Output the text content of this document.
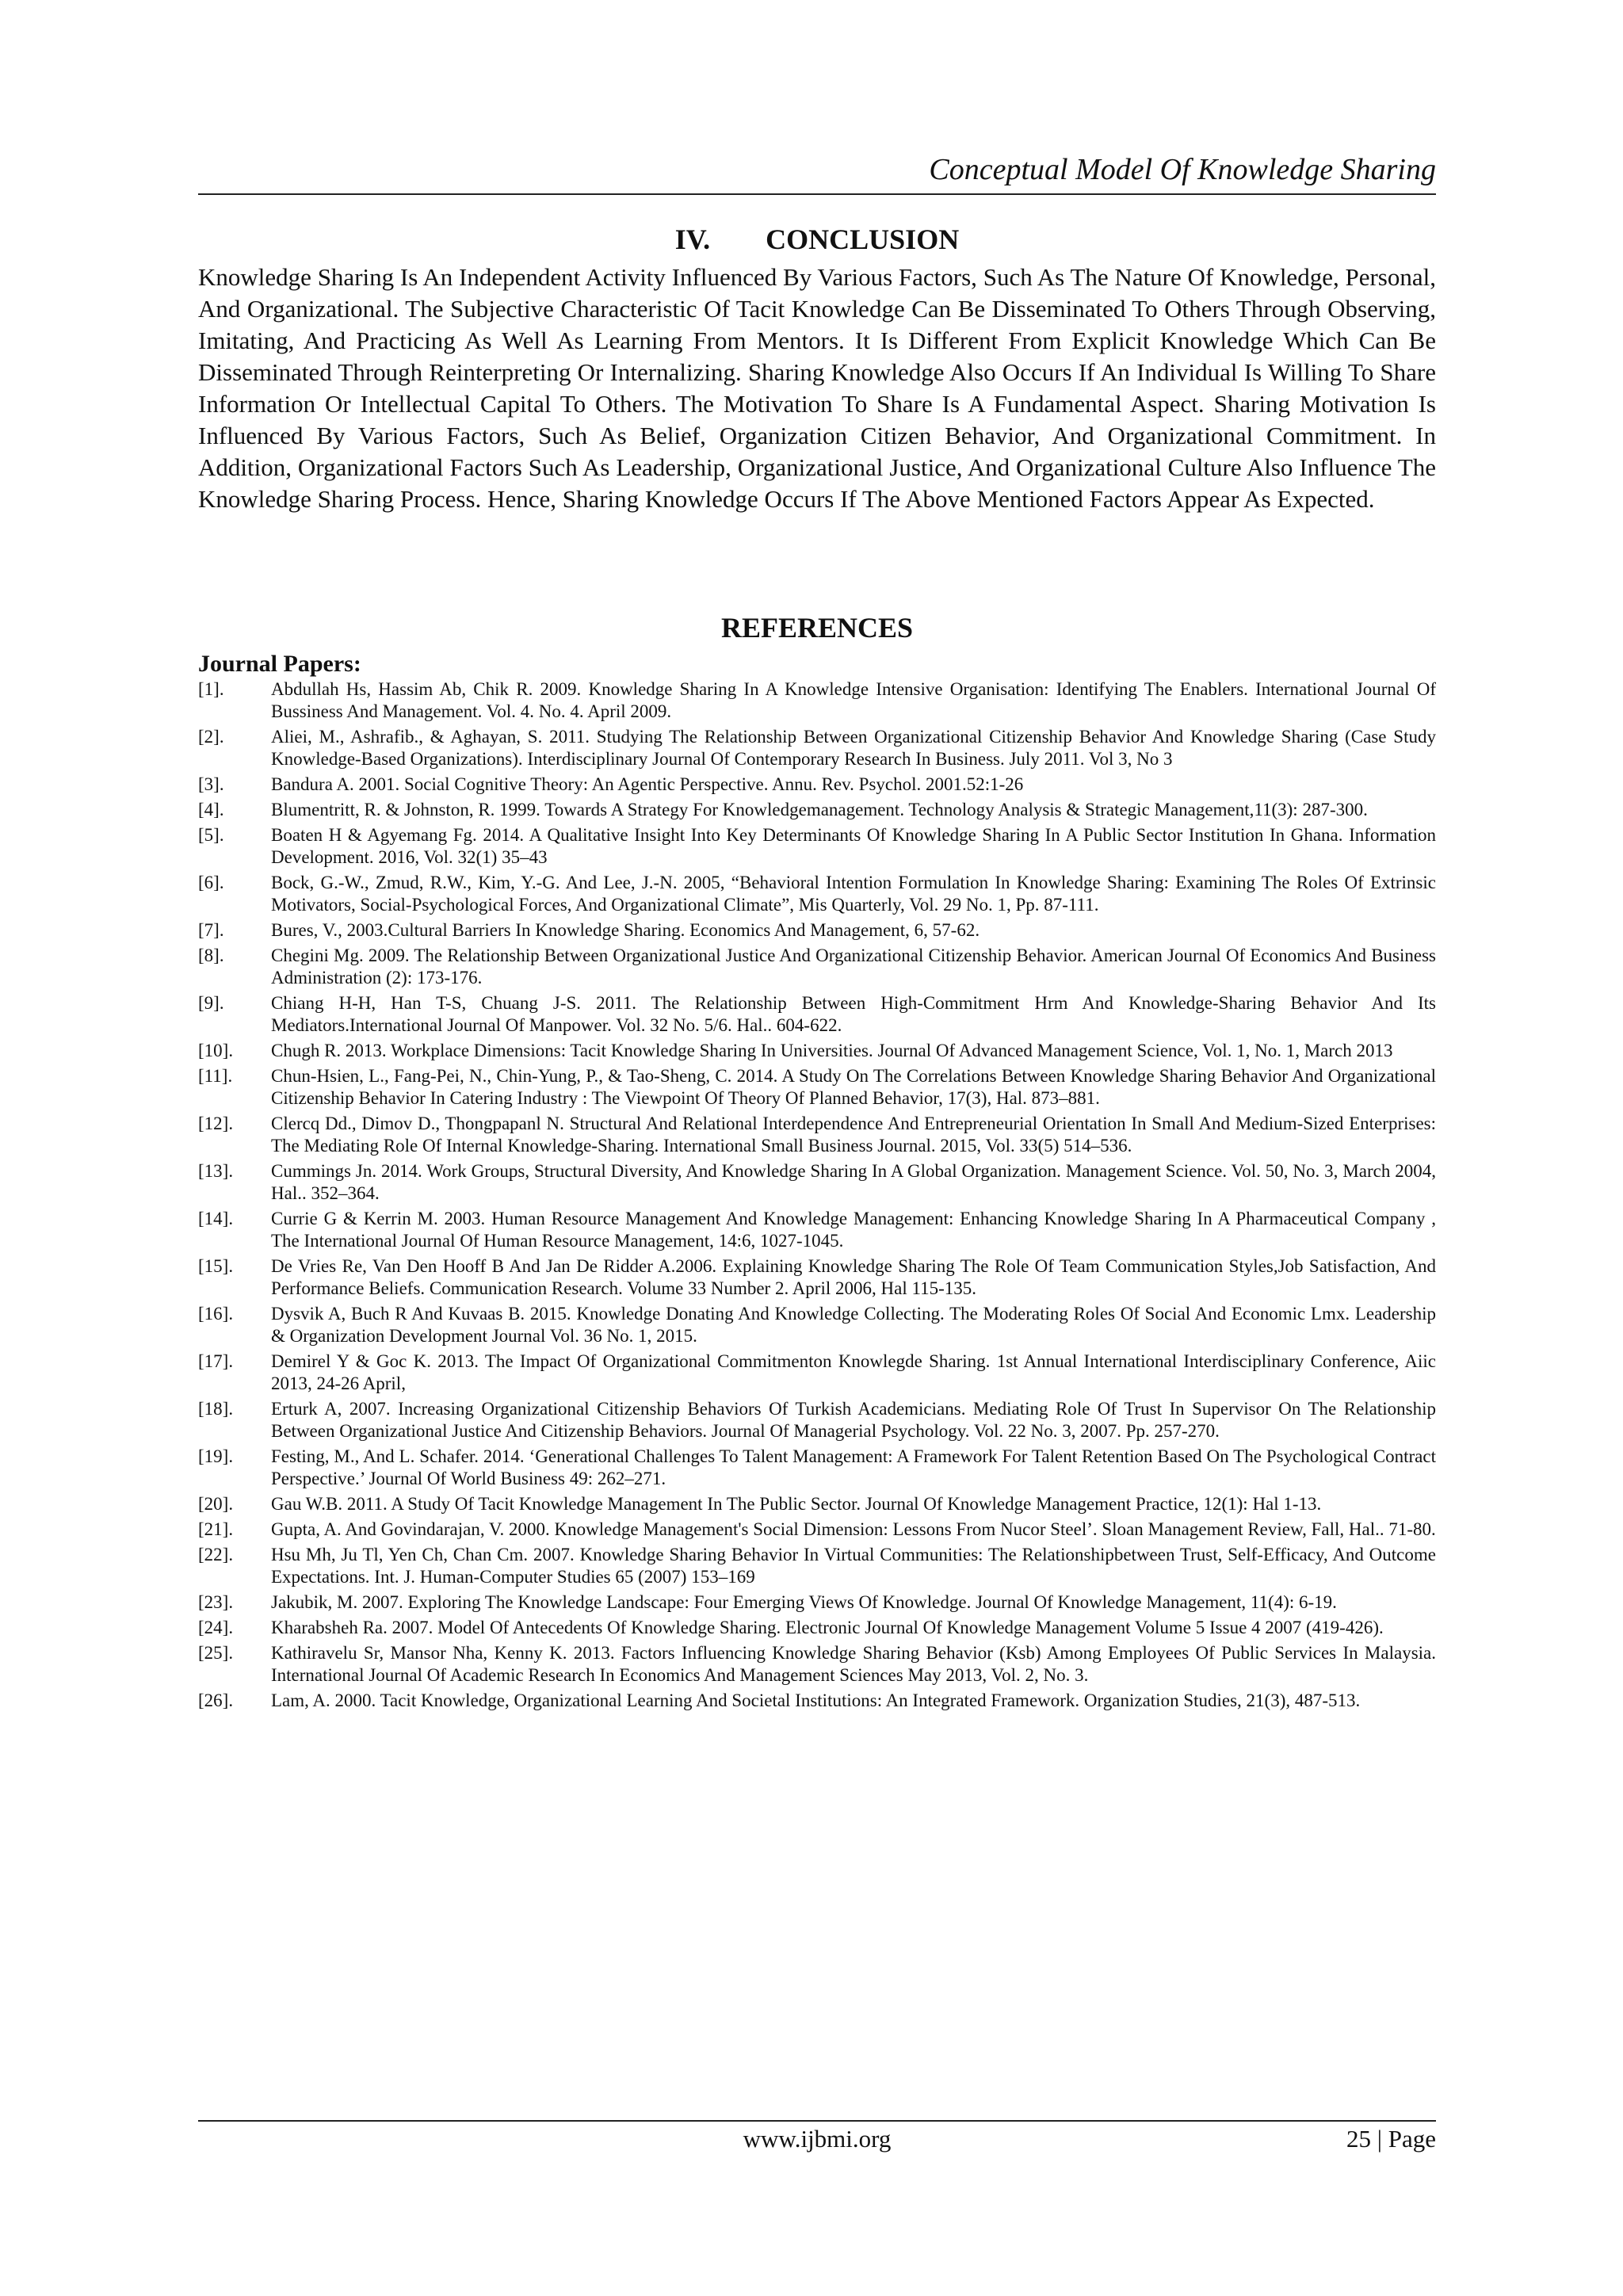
Conceptual Model Of Knowledge Sharing
IV. CONCLUSION

Knowledge Sharing Is An Independent Activity Influenced By Various Factors, Such As The Nature Of Knowledge, Personal, And Organizational. The Subjective Characteristic Of Tacit Knowledge Can Be Disseminated To Others Through Observing, Imitating, And Practicing As Well As Learning From Mentors. It Is Different From Explicit Knowledge Which Can Be Disseminated Through Reinterpreting Or Internalizing. Sharing Knowledge Also Occurs If An Individual Is Willing To Share Information Or Intellectual Capital To Others. The Motivation To Share Is A Fundamental Aspect. Sharing Motivation Is Influenced By Various Factors, Such As Belief, Organization Citizen Behavior, And Organizational Commitment. In Addition, Organizational Factors Such As Leadership, Organizational Justice, And Organizational Culture Also Influence The Knowledge Sharing Process. Hence, Sharing Knowledge Occurs If The Above Mentioned Factors Appear As Expected.

REFERENCES
Journal Papers:
[1].	Abdullah Hs, Hassim Ab, Chik R. 2009. Knowledge Sharing In A Knowledge Intensive Organisation: Identifying The Enablers. International Journal Of Bussiness And Management. Vol. 4. No. 4. April 2009.
[2].	Aliei, M., Ashrafib., & Aghayan, S. 2011. Studying The Relationship Between Organizational Citizenship Behavior And Knowledge Sharing (Case Study Knowledge-Based Organizations). Interdisciplinary Journal Of Contemporary Research In Business. July 2011. Vol 3, No 3
[3].	Bandura A. 2001. Social Cognitive Theory: An Agentic Perspective. Annu. Rev. Psychol. 2001.52:1-26
[4].	Blumentritt, R. & Johnston, R. 1999. Towards A Strategy For Knowledgemanagement. Technology Analysis & Strategic Management,11(3): 287-300.
[5].	Boaten H & Agyemang Fg. 2014. A Qualitative Insight Into Key Determinants Of Knowledge Sharing In A Public Sector Institution In Ghana. Information Development. 2016, Vol. 32(1) 35–43
[6].	Bock, G.-W., Zmud, R.W., Kim, Y.-G. And Lee, J.-N. 2005, “Behavioral Intention Formulation In Knowledge Sharing: Examining The Roles Of Extrinsic Motivators, Social-Psychological Forces, And Organizational Climate”, Mis Quarterly, Vol. 29 No. 1, Pp. 87-111.
[7].	Bures, V., 2003.Cultural Barriers In Knowledge Sharing. Economics And Management, 6, 57-62.
[8].	Chegini Mg. 2009. The Relationship Between Organizational Justice And Organizational Citizenship Behavior. American Journal Of Economics And Business Administration (2): 173-176.
[9].	Chiang H-H, Han T-S, Chuang J-S. 2011. The Relationship Between High-Commitment Hrm And Knowledge-Sharing Behavior And Its Mediators.International Journal Of Manpower. Vol. 32 No. 5/6. Hal.. 604-622.
[10].	Chugh R. 2013. Workplace Dimensions: Tacit Knowledge Sharing In Universities. Journal Of Advanced Management Science, Vol. 1, No. 1, March 2013
[11].	Chun-Hsien, L., Fang-Pei, N., Chin-Yung, P., & Tao-Sheng, C. 2014. A Study On The Correlations Between Knowledge Sharing Behavior And Organizational Citizenship Behavior In Catering Industry : The Viewpoint Of Theory Of Planned Behavior, 17(3), Hal. 873–881.
[12].	Clercq Dd., Dimov D., Thongpapanl N. Structural And Relational Interdependence And Entrepreneurial Orientation In Small And Medium-Sized Enterprises: The Mediating Role Of Internal Knowledge-Sharing. International Small Business Journal. 2015, Vol. 33(5) 514–536.
[13].	Cummings Jn. 2014. Work Groups, Structural Diversity, And Knowledge Sharing In A Global Organization. Management Science. Vol. 50, No. 3, March 2004, Hal.. 352–364.
[14].	Currie G & Kerrin M. 2003. Human Resource Management And Knowledge Management: Enhancing Knowledge Sharing In A Pharmaceutical Company , The International Journal Of Human Resource Management, 14:6, 1027-1045.
[15].	De Vries Re, Van Den Hooff B And Jan De Ridder A.2006. Explaining Knowledge Sharing The Role Of Team Communication Styles,Job Satisfaction, And Performance Beliefs. Communication Research. Volume 33 Number 2. April 2006, Hal 115-135.
[16].	Dysvik A, Buch R And Kuvaas B. 2015. Knowledge Donating And Knowledge Collecting. The Moderating Roles Of Social And Economic Lmx. Leadership & Organization Development Journal Vol. 36 No. 1, 2015.
[17].	Demirel Y & Goc K. 2013. The Impact Of Organizational Commitmenton Knowlegde Sharing. 1st Annual International Interdisciplinary Conference, Aiic 2013, 24-26 April,
[18].	Erturk A, 2007. Increasing Organizational Citizenship Behaviors Of Turkish Academicians. Mediating Role Of Trust In Supervisor On The Relationship Between Organizational Justice And Citizenship Behaviors. Journal Of Managerial Psychology. Vol. 22 No. 3, 2007. Pp. 257-270.
[19].	Festing, M., And L. Schafer. 2014. ‘Generational Challenges To Talent Management: A Framework For Talent Retention Based On The Psychological Contract Perspective.’ Journal Of World Business 49: 262–271.
[20].	Gau W.B. 2011. A Study Of Tacit Knowledge Management In The Public Sector. Journal Of Knowledge Management Practice, 12(1): Hal 1-13.
[21].	Gupta, A. And Govindarajan, V. 2000. Knowledge Management's Social Dimension: Lessons From Nucor Steel’. Sloan Management Review, Fall, Hal.. 71-80.
[22].	Hsu Mh, Ju Tl, Yen Ch, Chan Cm. 2007. Knowledge Sharing Behavior In Virtual Communities: The Relationshipbetween Trust, Self-Efficacy, And Outcome Expectations. Int. J. Human-Computer Studies 65 (2007) 153–169
[23].	Jakubik, M. 2007. Exploring The Knowledge Landscape: Four Emerging Views Of Knowledge. Journal Of Knowledge Management, 11(4): 6-19.
[24].	Kharabsheh Ra. 2007. Model Of Antecedents Of Knowledge Sharing. Electronic Journal Of Knowledge Management Volume 5 Issue 4 2007 (419-426).
[25].	Kathiravelu Sr, Mansor Nha, Kenny K. 2013. Factors Influencing Knowledge Sharing Behavior (Ksb) Among Employees Of Public Services In Malaysia. International Journal Of Academic Research In Economics And Management Sciences May 2013, Vol. 2, No. 3.
[26].	Lam, A. 2000. Tacit Knowledge, Organizational Learning And Societal Institutions: An Integrated Framework. Organization Studies, 21(3), 487-513.
www.ijbmi.org	25 | Page
